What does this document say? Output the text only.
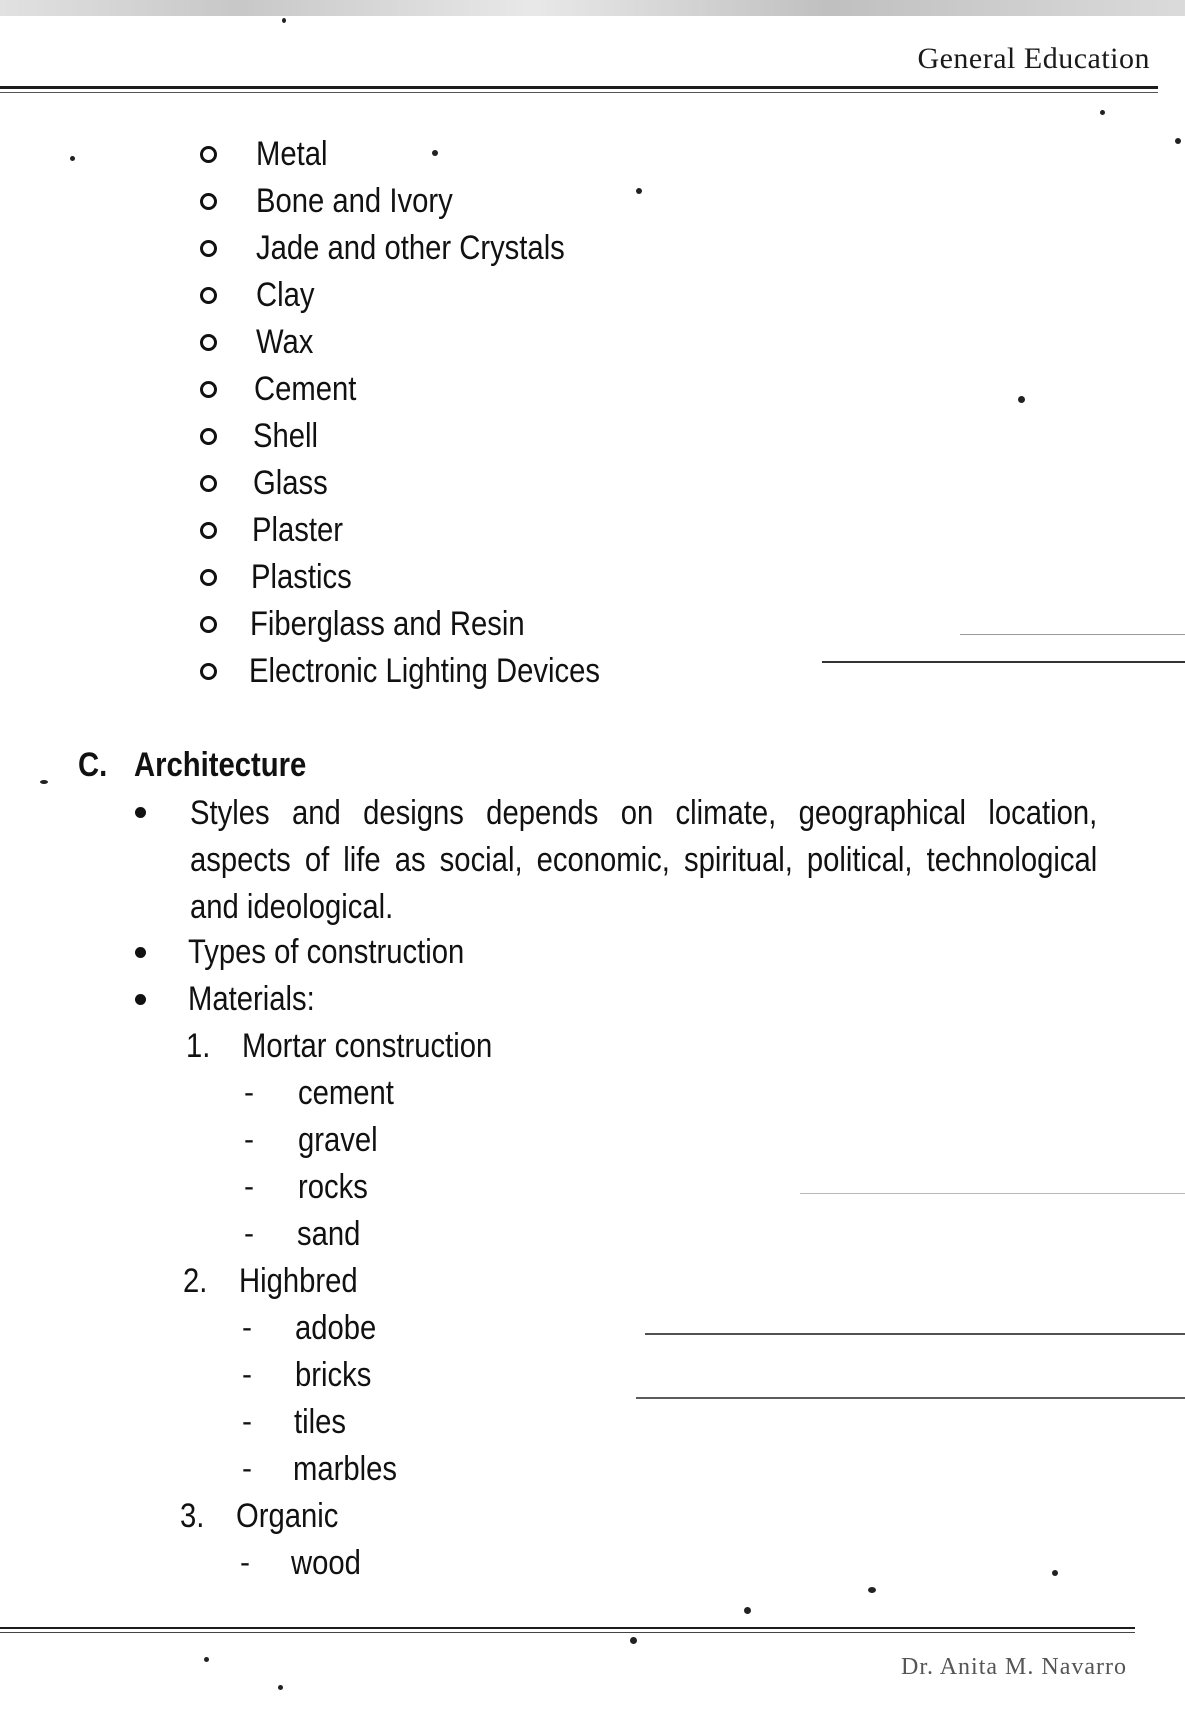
General Education
Metal
Bone and Ivory
Jade and other Crystals
Clay
Wax
Cement
Shell
Glass
Plaster
Plastics
Fiberglass and Resin
Electronic Lighting Devices
C. Architecture
Styles and designs depends on climate, geographical location, aspects of life as social, economic, spiritual, political, technological and ideological.
Types of construction
Materials:
1. Mortar construction
- cement
- gravel
- rocks
- sand
2. Highbred
- adobe
- bricks
- tiles
- marbles
3. Organic
- wood
Dr. Anita M. Navarro
